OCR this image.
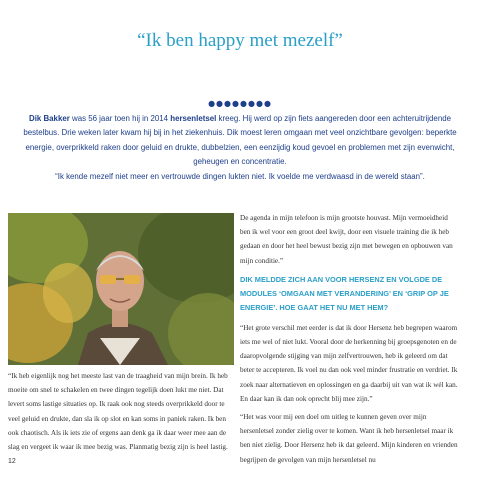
“Ik ben happy met mezelf”
●●●●●●●●
Dik Bakker was 56 jaar toen hij in 2014 hersenletsel kreeg. Hij werd op zijn fiets aangereden door een achteruitrijdende bestelbus. Drie weken later kwam hij bij in het ziekenhuis. Dik moest leren omgaan met veel onzichtbare gevolgen: beperkte energie, overprikkeld raken door geluid en drukte, dubbelzien, een eenzijdig koud gevoel en problemen met zijn evenwicht, geheugen en concentratie.
“Ik kende mezelf niet meer en vertrouwde dingen lukten niet. Ik voelde me verdwaasd in de wereld staan”.

“Ik heb eigenlijk nog het meeste last van de traagheid van mijn brein. Ik heb moeite om snel te schakelen en twee dingen tegelijk doen lukt me niet. Dat levert soms lastige situaties op. Ik raak ook nog steeds overprikkeld door te veel geluid en drukte, dan sla ik op slot en kan soms in paniek raken. Ik ben ook chaotisch. Als ik iets zie of ergens aan denk ga ik daar weer mee aan de slag en vergeet ik waar ik mee bezig was. Planmatig bezig zijn is heel lastig.

De agenda in mijn telefoon is mijn grootste houvast. Mijn vermoeidheid ben ik wel voor een groot deel kwijt, door een visuele training die ik heb gedaan en door het heel bewust bezig zijn met bewegen en opbouwen van mijn conditie.”

DIK MELDDE ZICH AAN VOOR HERSENZ EN VOLGDE DE MODULES ‘OMGAAN MET VERANDERING’ EN ‘GRIP OP JE ENERGIE’. HOE GAAT HET NU MET HEM?

“Het grote verschil met eerder is dat ik door Hersenz heb begrepen waarom iets me wel of niet lukt. Vooral door de herkenning bij groepsgenoten en de daaropvolgende stijging van mijn zelfvertrouwen, heb ik geleerd om dat beter te accepteren. Ik voel nu dan ook veel minder frustratie en verdriet. Ik zoek naar alternatieven en oplossingen en ga daarbij uit van wat ik wél kan. En daar kan ik dan ook oprecht blij mee zijn.”

“Het was voor mij een doel om uitleg te kunnen geven over mijn hersenletsel zonder zielig over te komen. Want ik heb hersenletsel maar ik ben niet zielig. Door Hersenz heb ik dat geleerd. Mijn kinderen en vrienden begrijpen de gevolgen van mijn hersenletsel nu

12
